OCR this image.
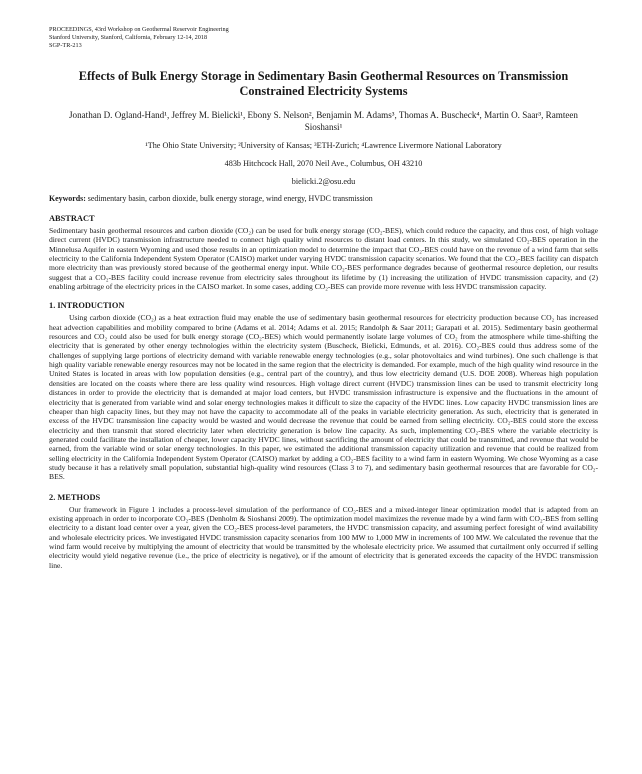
PROCEEDINGS, 43rd Workshop on Geothermal Reservoir Engineering
Stanford University, Stanford, California, February 12-14, 2018
SGP-TR-213
Effects of Bulk Energy Storage in Sedimentary Basin Geothermal Resources on Transmission Constrained Electricity Systems
Jonathan D. Ogland-Hand¹, Jeffrey M. Bielicki¹, Ebony S. Nelson², Benjamin M. Adams³, Thomas A. Buscheck⁴, Martin O. Saar³, Ramteen Sioshansi¹
¹The Ohio State University; ²University of Kansas; ³ETH-Zurich; ⁴Lawrence Livermore National Laboratory
483b Hitchcock Hall, 2070 Neil Ave., Columbus, OH 43210
bielicki.2@osu.edu
Keywords: sedimentary basin, carbon dioxide, bulk energy storage, wind energy, HVDC transmission
ABSTRACT

Sedimentary basin geothermal resources and carbon dioxide (CO₂) can be used for bulk energy storage (CO₂-BES), which could reduce the capacity, and thus cost, of high voltage direct current (HVDC) transmission infrastructure needed to connect high quality wind resources to distant load centers. In this study, we simulated CO₂-BES operation in the Minnelusa Aquifer in eastern Wyoming and used those results in an optimization model to determine the impact that CO₂-BES could have on the revenue of a wind farm that sells electricity to the California Independent System Operator (CAISO) market under varying HVDC transmission capacity scenarios. We found that the CO₂-BES facility can dispatch more electricity than was previously stored because of the geothermal energy input. While CO₂-BES performance degrades because of geothermal resource depletion, our results suggest that a CO₂-BES facility could increase revenue from electricity sales throughout its lifetime by (1) increasing the utilization of HVDC transmission capacity, and (2) enabling arbitrage of the electricity prices in the CAISO market. In some cases, adding CO₂-BES can provide more revenue with less HVDC transmission capacity.

1. INTRODUCTION

Using carbon dioxide (CO₂) as a heat extraction fluid may enable the use of sedimentary basin geothermal resources for electricity production because CO₂ has increased heat advection capabilities and mobility compared to brine (Adams et al. 2014; Adams et al. 2015; Randolph & Saar 2011; Garapati et al. 2015). Sedimentary basin geothermal resources and CO₂ could also be used for bulk energy storage (CO₂-BES) which would permanently isolate large volumes of CO₂ from the atmosphere while time-shifting the electricity that is generated by other energy technologies within the electricity system (Buscheck, Bielicki, Edmunds, et al. 2016). CO₂-BES could thus address some of the challenges of supplying large portions of electricity demand with variable renewable energy technologies (e.g., solar photovoltaics and wind turbines). One such challenge is that high quality variable renewable energy resources may not be located in the same region that the electricity is demanded. For example, much of the high quality wind resource in the United States is located in areas with low population densities (e.g., central part of the country), and thus low electricity demand (U.S. DOE 2008). Whereas high population densities are located on the coasts where there are less quality wind resources. High voltage direct current (HVDC) transmission lines can be used to transmit electricity long distances in order to provide the electricity that is demanded at major load centers, but HVDC transmission infrastructure is expensive and the fluctuations in the amount of electricity that is generated from variable wind and solar energy technologies makes it difficult to size the capacity of the HVDC lines. Low capacity HVDC transmission lines are cheaper than high capacity lines, but they may not have the capacity to accommodate all of the peaks in variable electricity generation. As such, electricity that is generated in excess of the HVDC transmission line capacity would be wasted and would decrease the revenue that could be earned from selling electricity. CO₂-BES could store the excess electricity and then transmit that stored electricity later when electricity generation is below line capacity. As such, implementing CO₂-BES where the variable electricity is generated could facilitate the installation of cheaper, lower capacity HVDC lines, without sacrificing the amount of electricity that could be transmitted, and revenue that would be earned, from the variable wind or solar energy technologies. In this paper, we estimated the additional transmission capacity utilization and revenue that could be realized from selling electricity in the California Independent System Operator (CAISO) market by adding a CO₂-BES facility to a wind farm in eastern Wyoming. We chose Wyoming as a case study because it has a relatively small population, substantial high-quality wind resources (Class 3 to 7), and sedimentary basin geothermal resources that are favorable for CO₂-BES.

2. METHODS

Our framework in Figure 1 includes a process-level simulation of the performance of CO₂-BES and a mixed-integer linear optimization model that is adapted from an existing approach in order to incorporate CO₂-BES (Denholm & Sioshansi 2009). The optimization model maximizes the revenue made by a wind farm with CO₂-BES from selling electricity to a distant load center over a year, given the CO₂-BES process-level parameters, the HVDC transmission capacity, and assuming perfect foresight of wind availability and wholesale electricity prices. We investigated HVDC transmission capacity scenarios from 100 MW to 1,000 MW in increments of 100 MW. We calculated the revenue that the wind farm would receive by multiplying the amount of electricity that would be transmitted by the wholesale electricity price. We assumed that curtailment only occurred if selling electricity would yield negative revenue (i.e., the price of electricity is negative), or if the amount of electricity that is generated exceeds the capacity of the HVDC transmission line.
